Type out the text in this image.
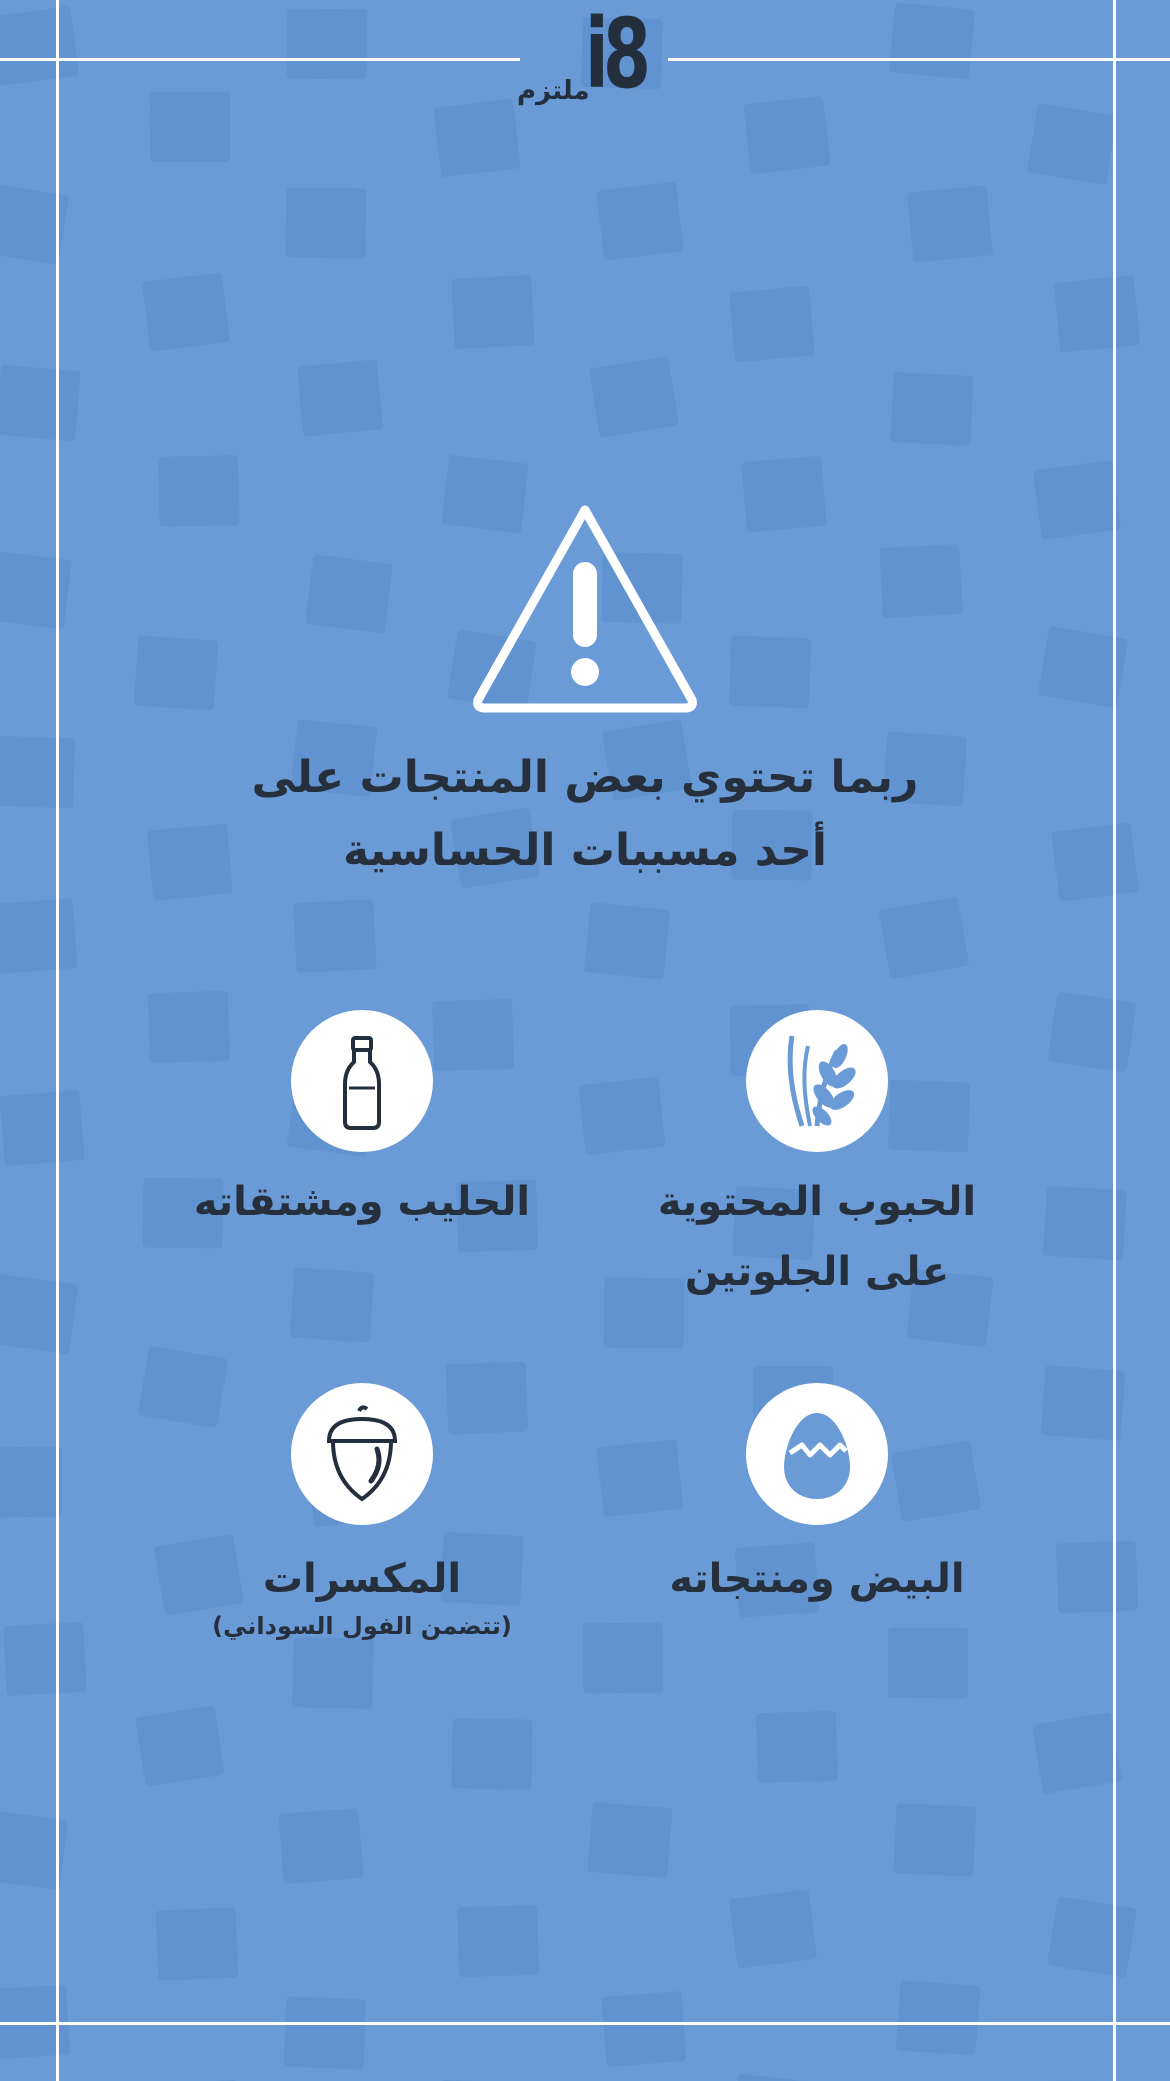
ملتزم
i8
ربما تحتوي بعض المنتجات على
أحد مسببات الحساسية
الحبوب المحتوية
على الجلوتين
الحليب ومشتقاته
البيض ومنتجاته
المكسرات
(تتضمن الفول السوداني)
